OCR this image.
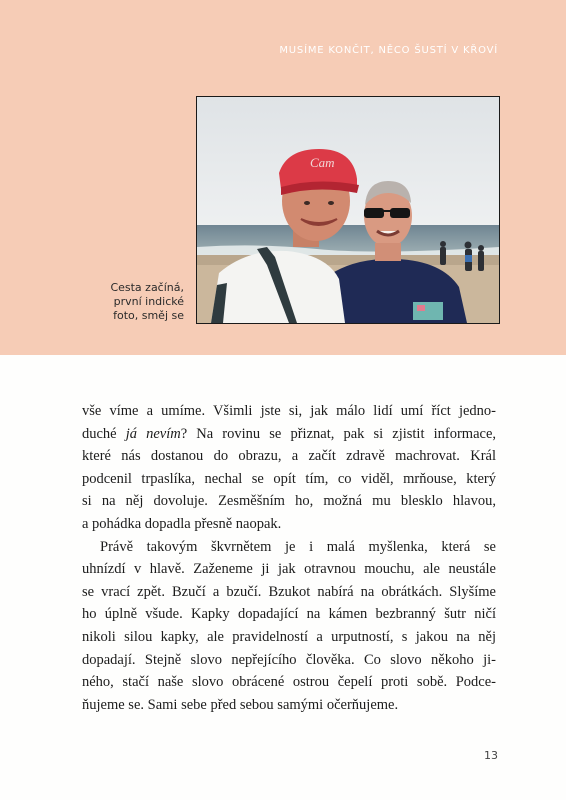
MUSÍME KONČIT, NĚCO ŠUSTÍ V KŘOVÍ
Cam
Cesta začíná,
první indické
foto, směj se
vše víme a umíme. Všimli jste si, jak málo lidí umí říct jedno-
duché já nevím? Na rovinu se přiznat, pak si zjistit informace,
které nás dostanou do obrazu, a začít zdravě machrovat. Král
podcenil trpaslíka, nechal se opít tím, co viděl, mrňouse, který
si na něj dovoluje. Zesměšním ho, možná mu blesklo hlavou,
a pohádka dopadla přesně naopak.
Právě takovým škvrnětem je i malá myšlenka, která se
uhnízdí v hlavě. Zaženeme ji jak otravnou mouchu, ale neustále
se vrací zpět. Bzučí a bzučí. Bzukot nabírá na obrátkách. Slyšíme
ho úplně všude. Kapky dopadající na kámen bezbranný šutr ničí
nikoli silou kapky, ale pravidelností a urputností, s jakou na něj
dopadají. Stejně slovo nepřejícího člověka. Co slovo někoho ji-
ného, stačí naše slovo obrácené ostrou čepelí proti sobě. Podce-
ňujeme se. Sami sebe před sebou samými očerňujeme.
13
